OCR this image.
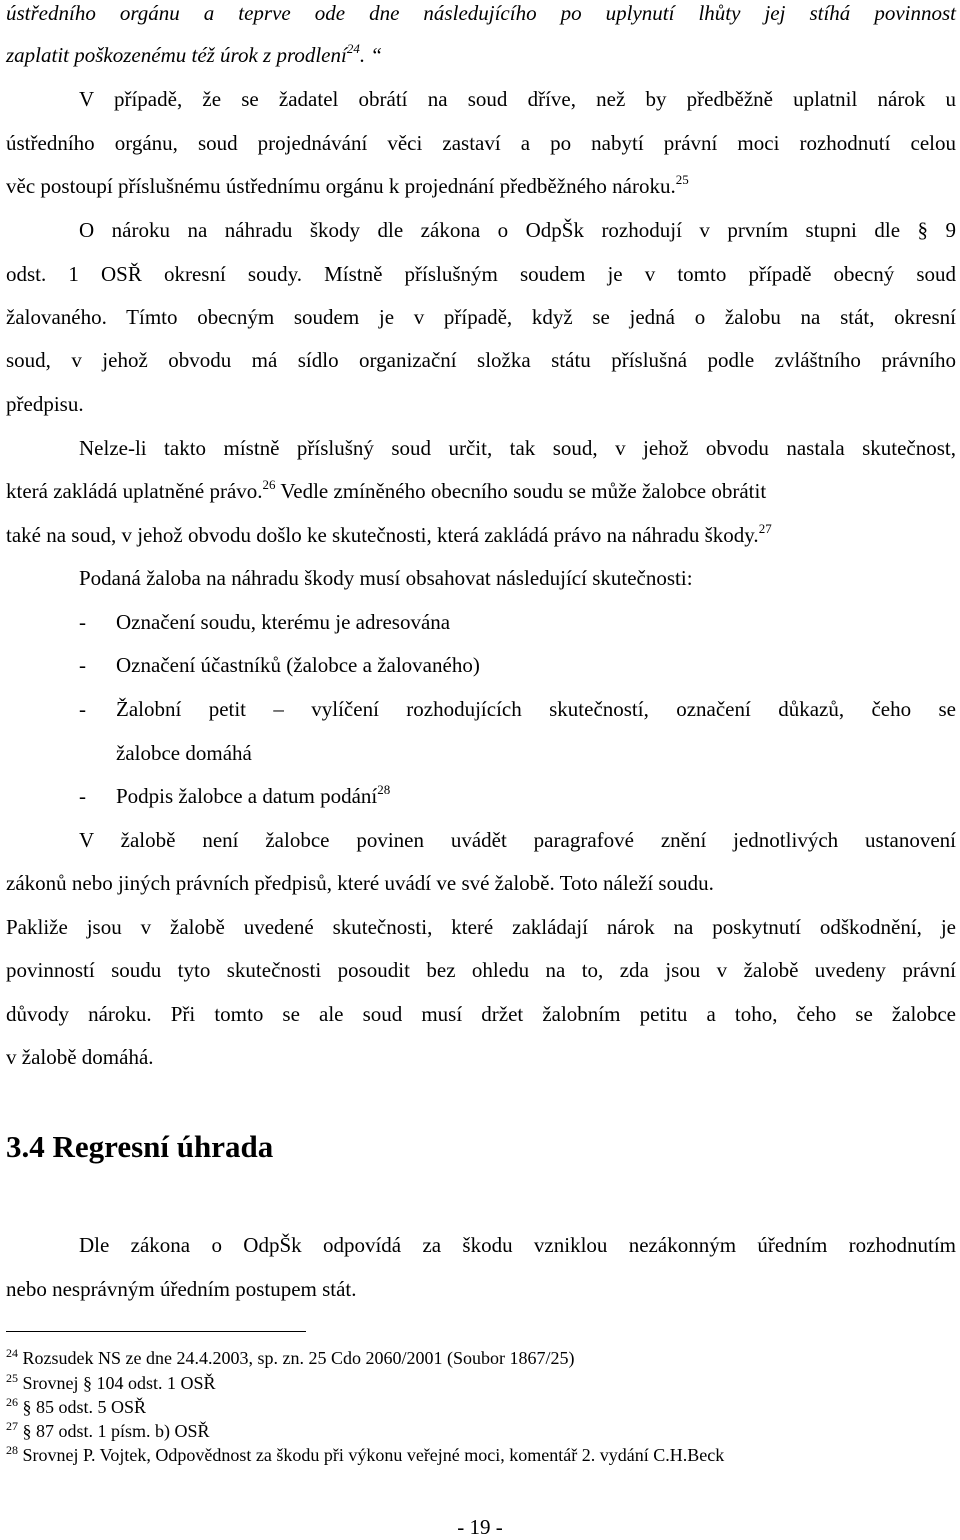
ústředního orgánu a teprve ode dne následujícího po uplynutí lhůty jej stíhá povinnost
zaplatit poškozenému též úrok z prodlení$^{24}$. “
V případě, že se žadatel obrátí na soud dříve, než by předběžně uplatnil nárok u
ústředního orgánu, soud projednávání věci zastaví a po nabytí právní moci rozhodnutí celou
věc postoupí příslušnému ústřednímu orgánu k projednání předběžného nároku.$^{25}$
O nároku na náhradu škody dle zákona o OdpŠk rozhodují v prvním stupni dle § 9
odst. 1 OSŘ okresní soudy. Místně příslušným soudem je v tomto případě obecný soud
žalovaného. Tímto obecným soudem je v případě, když se jedná o žalobu na stát, okresní
soud, v jehož obvodu má sídlo organizační složka státu příslušná podle zvláštního právního
předpisu.
Nelze-li takto místně příslušný soud určit, tak soud, v jehož obvodu nastala skutečnost,
která zakládá uplatněné právo.$^{26}$ Vedle zmíněného obecního soudu se může žalobce obrátit
také na soud, v jehož obvodu došlo ke skutečnosti, která zakládá právo na náhradu škody.$^{27}$
Podaná žaloba na náhradu škody musí obsahovat následující skutečnosti:
- Označení soudu, kterému je adresována
- Označení účastníků (žalobce a žalovaného)
- Žalobní petit – vylíčení rozhodujících skutečností, označení důkazů, čeho se
žalobce domáhá
- Podpis žalobce a datum podání$^{28}$
V žalobě není žalobce povinen uvádět paragrafové znění jednotlivých ustanovení
zákonů nebo jiných právních předpisů, které uvádí ve své žalobě. Toto náleží soudu.
Pakliže jsou v žalobě uvedené skutečnosti, které zakládají nárok na poskytnutí odškodnění, je
povinností soudu tyto skutečnosti posoudit bez ohledu na to, zda jsou v žalobě uvedeny právní
důvody nároku. Při tomto se ale soud musí držet žalobním petitu a toho, čeho se žalobce
v žalobě domáhá.
3.4 Regresní úhrada
Dle zákona o OdpŠk odpovídá za škodu vzniklou nezákonným úředním rozhodnutím
nebo nesprávným úředním postupem stát.
$^{24}$ Rozsudek NS ze dne 24.4.2003, sp. zn. 25 Cdo 2060/2001 (Soubor 1867/25)
$^{25}$ Srovnej § 104 odst. 1 OSŘ
$^{26}$ § 85 odst. 5 OSŘ
$^{27}$ § 87 odst. 1 písm. b) OSŘ
$^{28}$ Srovnej P. Vojtek, Odpovědnost za škodu při výkonu veřejné moci, komentář 2. vydání C.H.Beck
- 19 -
